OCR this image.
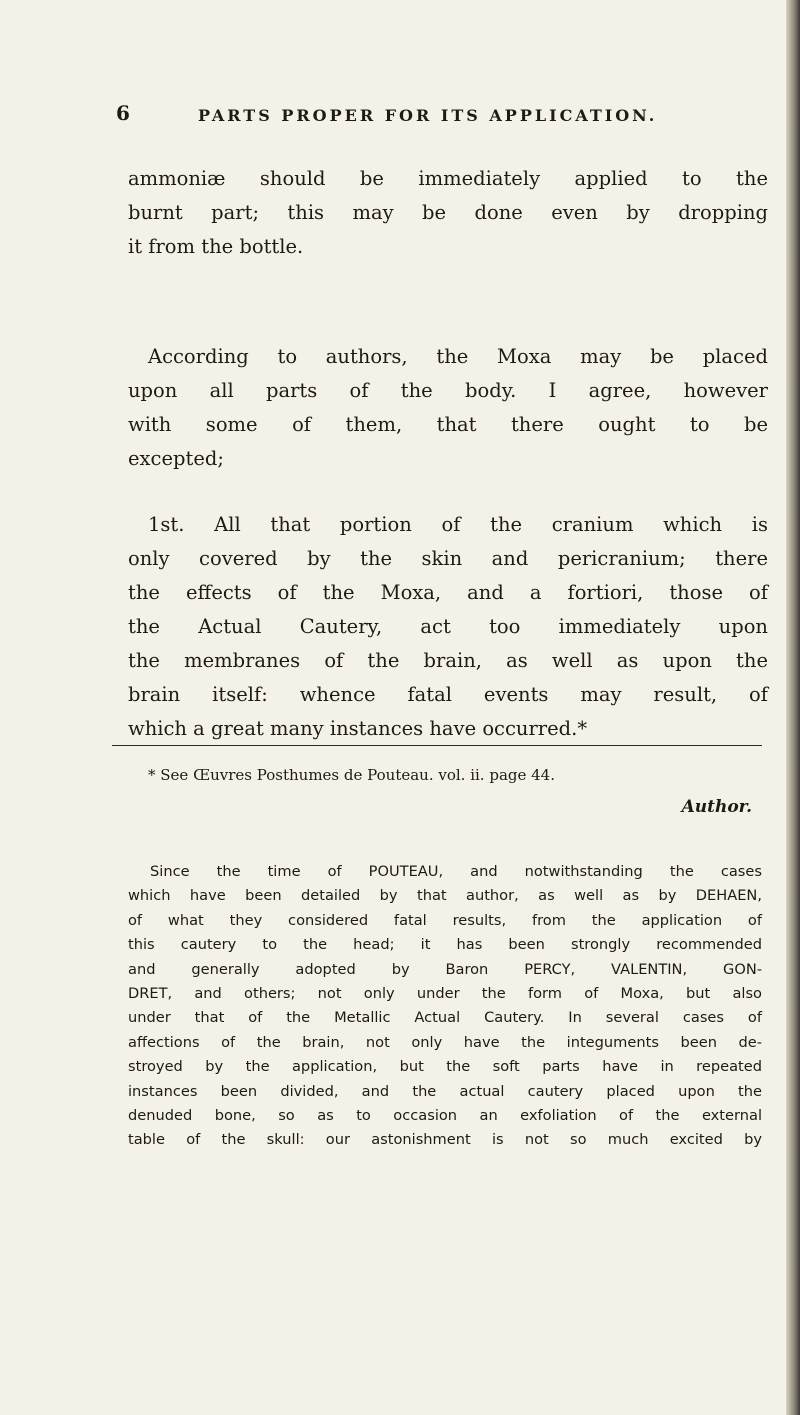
6	PARTS PROPER FOR ITS APPLICATION.
ammoniæ should be immediately applied to the
burnt part; this may be done even by dropping
it from the bottle.
According to authors, the Moxa may be placed
upon all parts of the body. I agree, however
with some of them, that there ought to be
excepted;
1st. All that portion of the cranium which is
only covered by the skin and pericranium; there
the effects of the Moxa, and a fortiori, those of
the Actual Cautery, act too immediately upon
the membranes of the brain, as well as upon the
brain itself: whence fatal events may result, of
which a great many instances have occurred.*

* See Œuvres Posthumes de Pouteau. vol. ii. page 44.

Author.
Since the time of POUTEAU, and notwithstanding the cases
which have been detailed by that author, as well as by DEHAEN,
of what they considered fatal results, from the application of
this cautery to the head; it has been strongly recommended
and generally adopted by Baron PERCY, VALENTIN, GON-
DRET, and others; not only under the form of Moxa, but also
under that of the Metallic Actual Cautery. In several cases of
affections of the brain, not only have the integuments been de-
stroyed by the application, but the soft parts have in repeated
instances been divided, and the actual cautery placed upon the
denuded bone, so as to occasion an exfoliation of the external
table of the skull: our astonishment is not so much excited by
